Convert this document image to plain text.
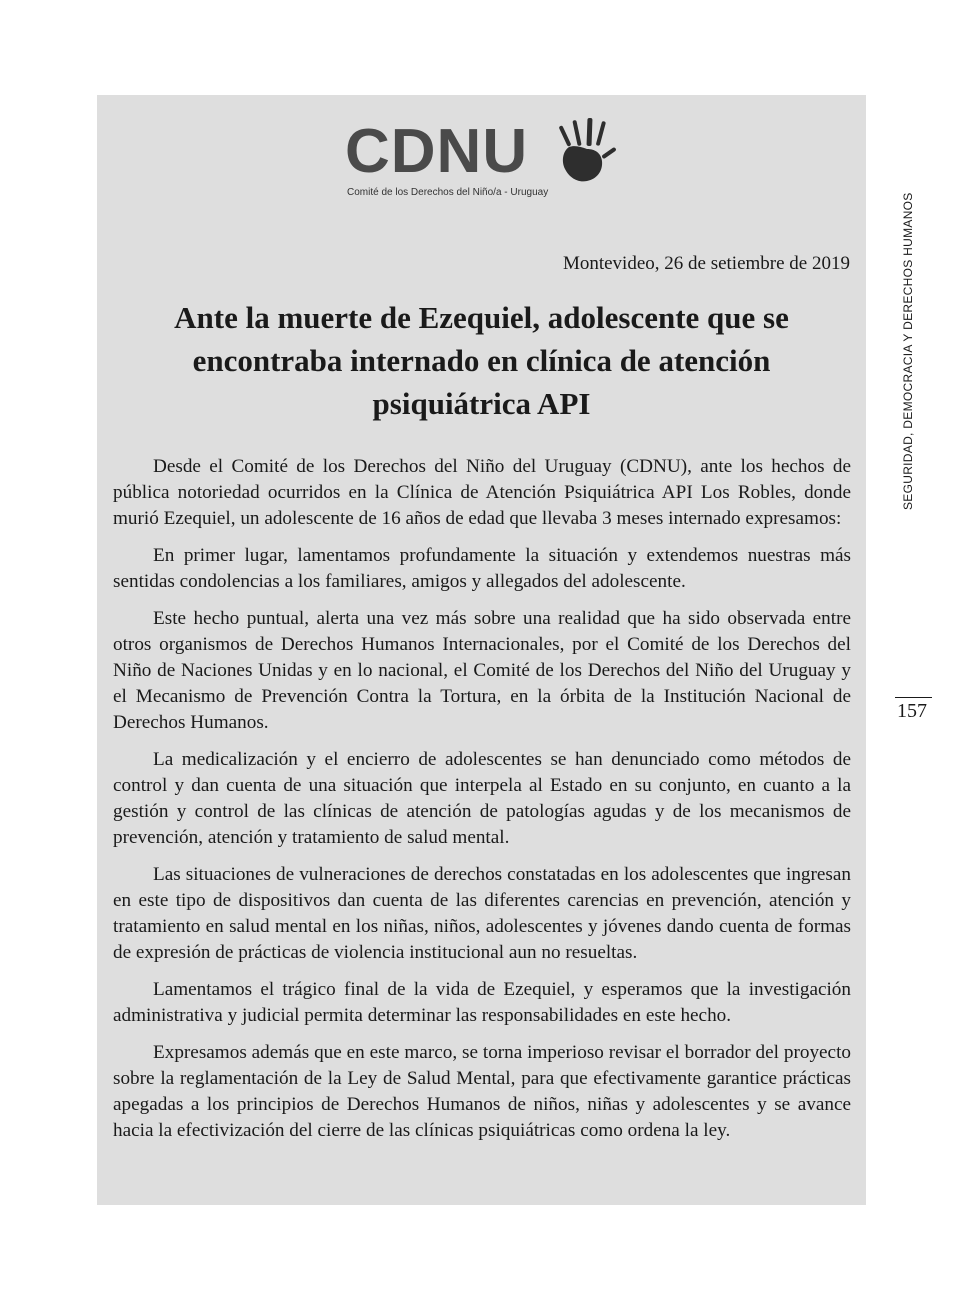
CDNU
Comité de los Derechos del Niño/a - Uruguay
Montevideo, 26 de setiembre de 2019
Ante la muerte de Ezequiel, adolescente que se encontraba internado en clínica de atención psiquiátrica API

Desde el Comité de los Derechos del Niño del Uruguay (CDNU), ante los hechos de pública notoriedad ocurridos en la Clínica de Atención Psiquiátrica API Los Robles, donde murió Ezequiel, un adolescente de 16 años de edad que llevaba 3 meses internado expresamos:

En primer lugar, lamentamos profundamente la situación y extendemos nuestras más sentidas condolencias a los familiares, amigos y allegados del adolescente.

Este hecho puntual, alerta una vez más sobre una realidad que ha sido observada entre otros organismos de Derechos Humanos Internacionales, por el Comité de los Derechos del Niño de Naciones Unidas y en lo nacional, el Comité de los Derechos del Niño del Uruguay y el Mecanismo de Prevención Contra la Tortura, en la órbita de la Institución Nacional de Derechos Humanos.

La medicalización y el encierro de adolescentes se han denunciado como métodos de control y dan cuenta de una situación que interpela al Estado en su conjunto, en cuanto a la gestión y control de las clínicas de atención de patologías agudas y de los mecanismos de prevención, atención y tratamiento de salud mental.

Las situaciones de vulneraciones de derechos constatadas en los adolescentes que ingresan en este tipo de dispositivos dan cuenta de las diferentes carencias en prevención, atención y tratamiento en salud mental en los niñas, niños, adolescentes y jóvenes dando cuenta de formas de expresión de prácticas de violencia institucional aun no resueltas.

Lamentamos el trágico final de la vida de Ezequiel, y esperamos que la investigación administrativa y judicial permita determinar las responsabilidades en este hecho.

Expresamos además que en este marco, se torna imperioso revisar el borrador del proyecto sobre la reglamentación de la Ley de Salud Mental, para que efectivamente garantice prácticas apegadas a los principios de Derechos Humanos de niños, niñas y adolescentes y se avance hacia la efectivización del cierre de las clínicas psiquiátricas como ordena la ley.

SEGURIDAD, DEMOCRACIA Y DERECHOS HUMANOS
157
